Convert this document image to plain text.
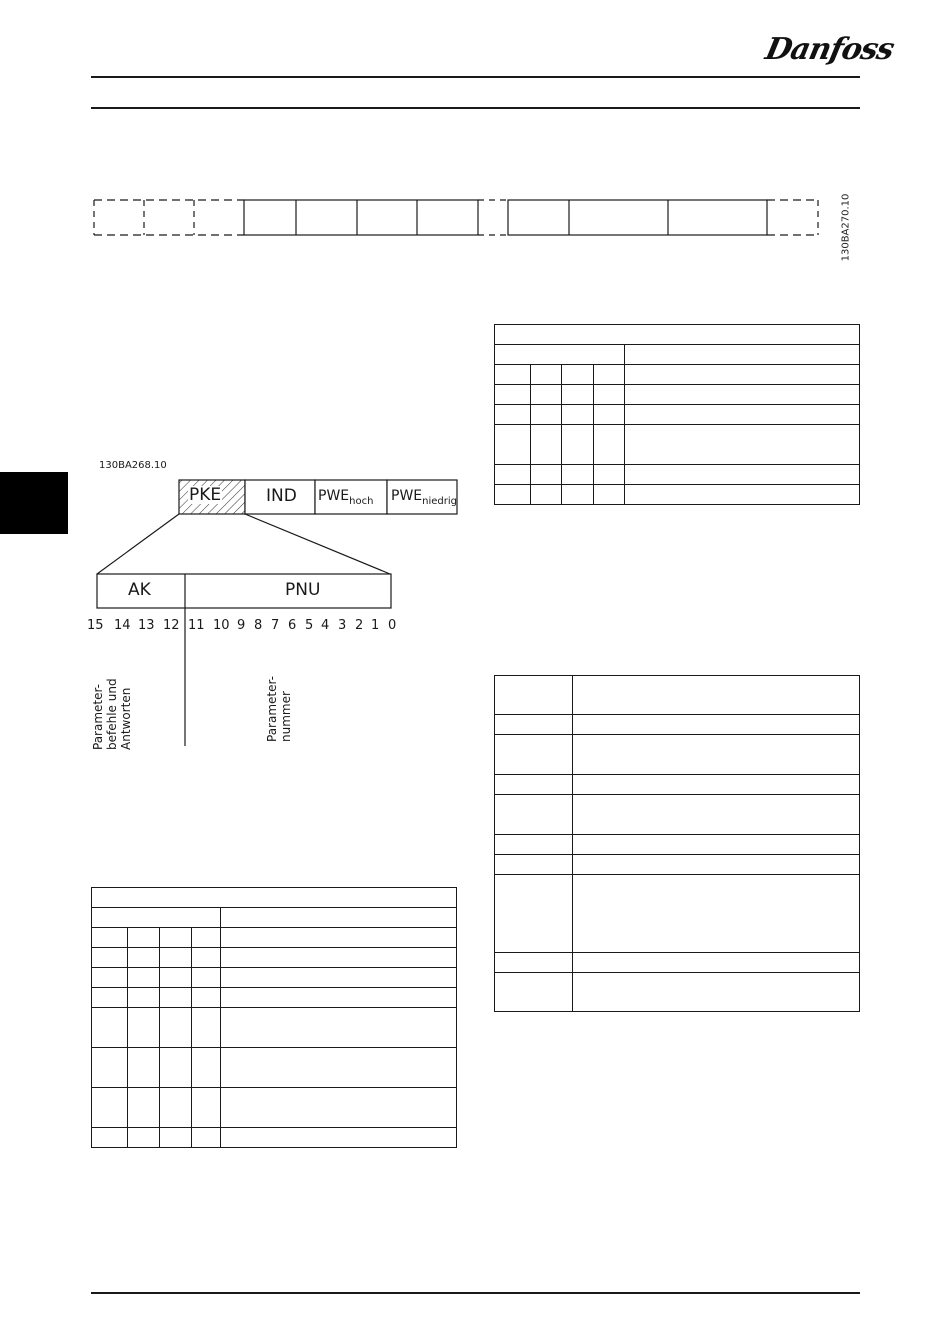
Danfoss
130BA270.10
130BA268.10
PKE	IND $PWE_{hoch}$ $PWE_{niedrig}$
AK	PNU
15 14 13 12 11 10 9 8 7 6 5 4 3 2 1 0
Parameter- befehle und Antworten	Parameter- nummer
